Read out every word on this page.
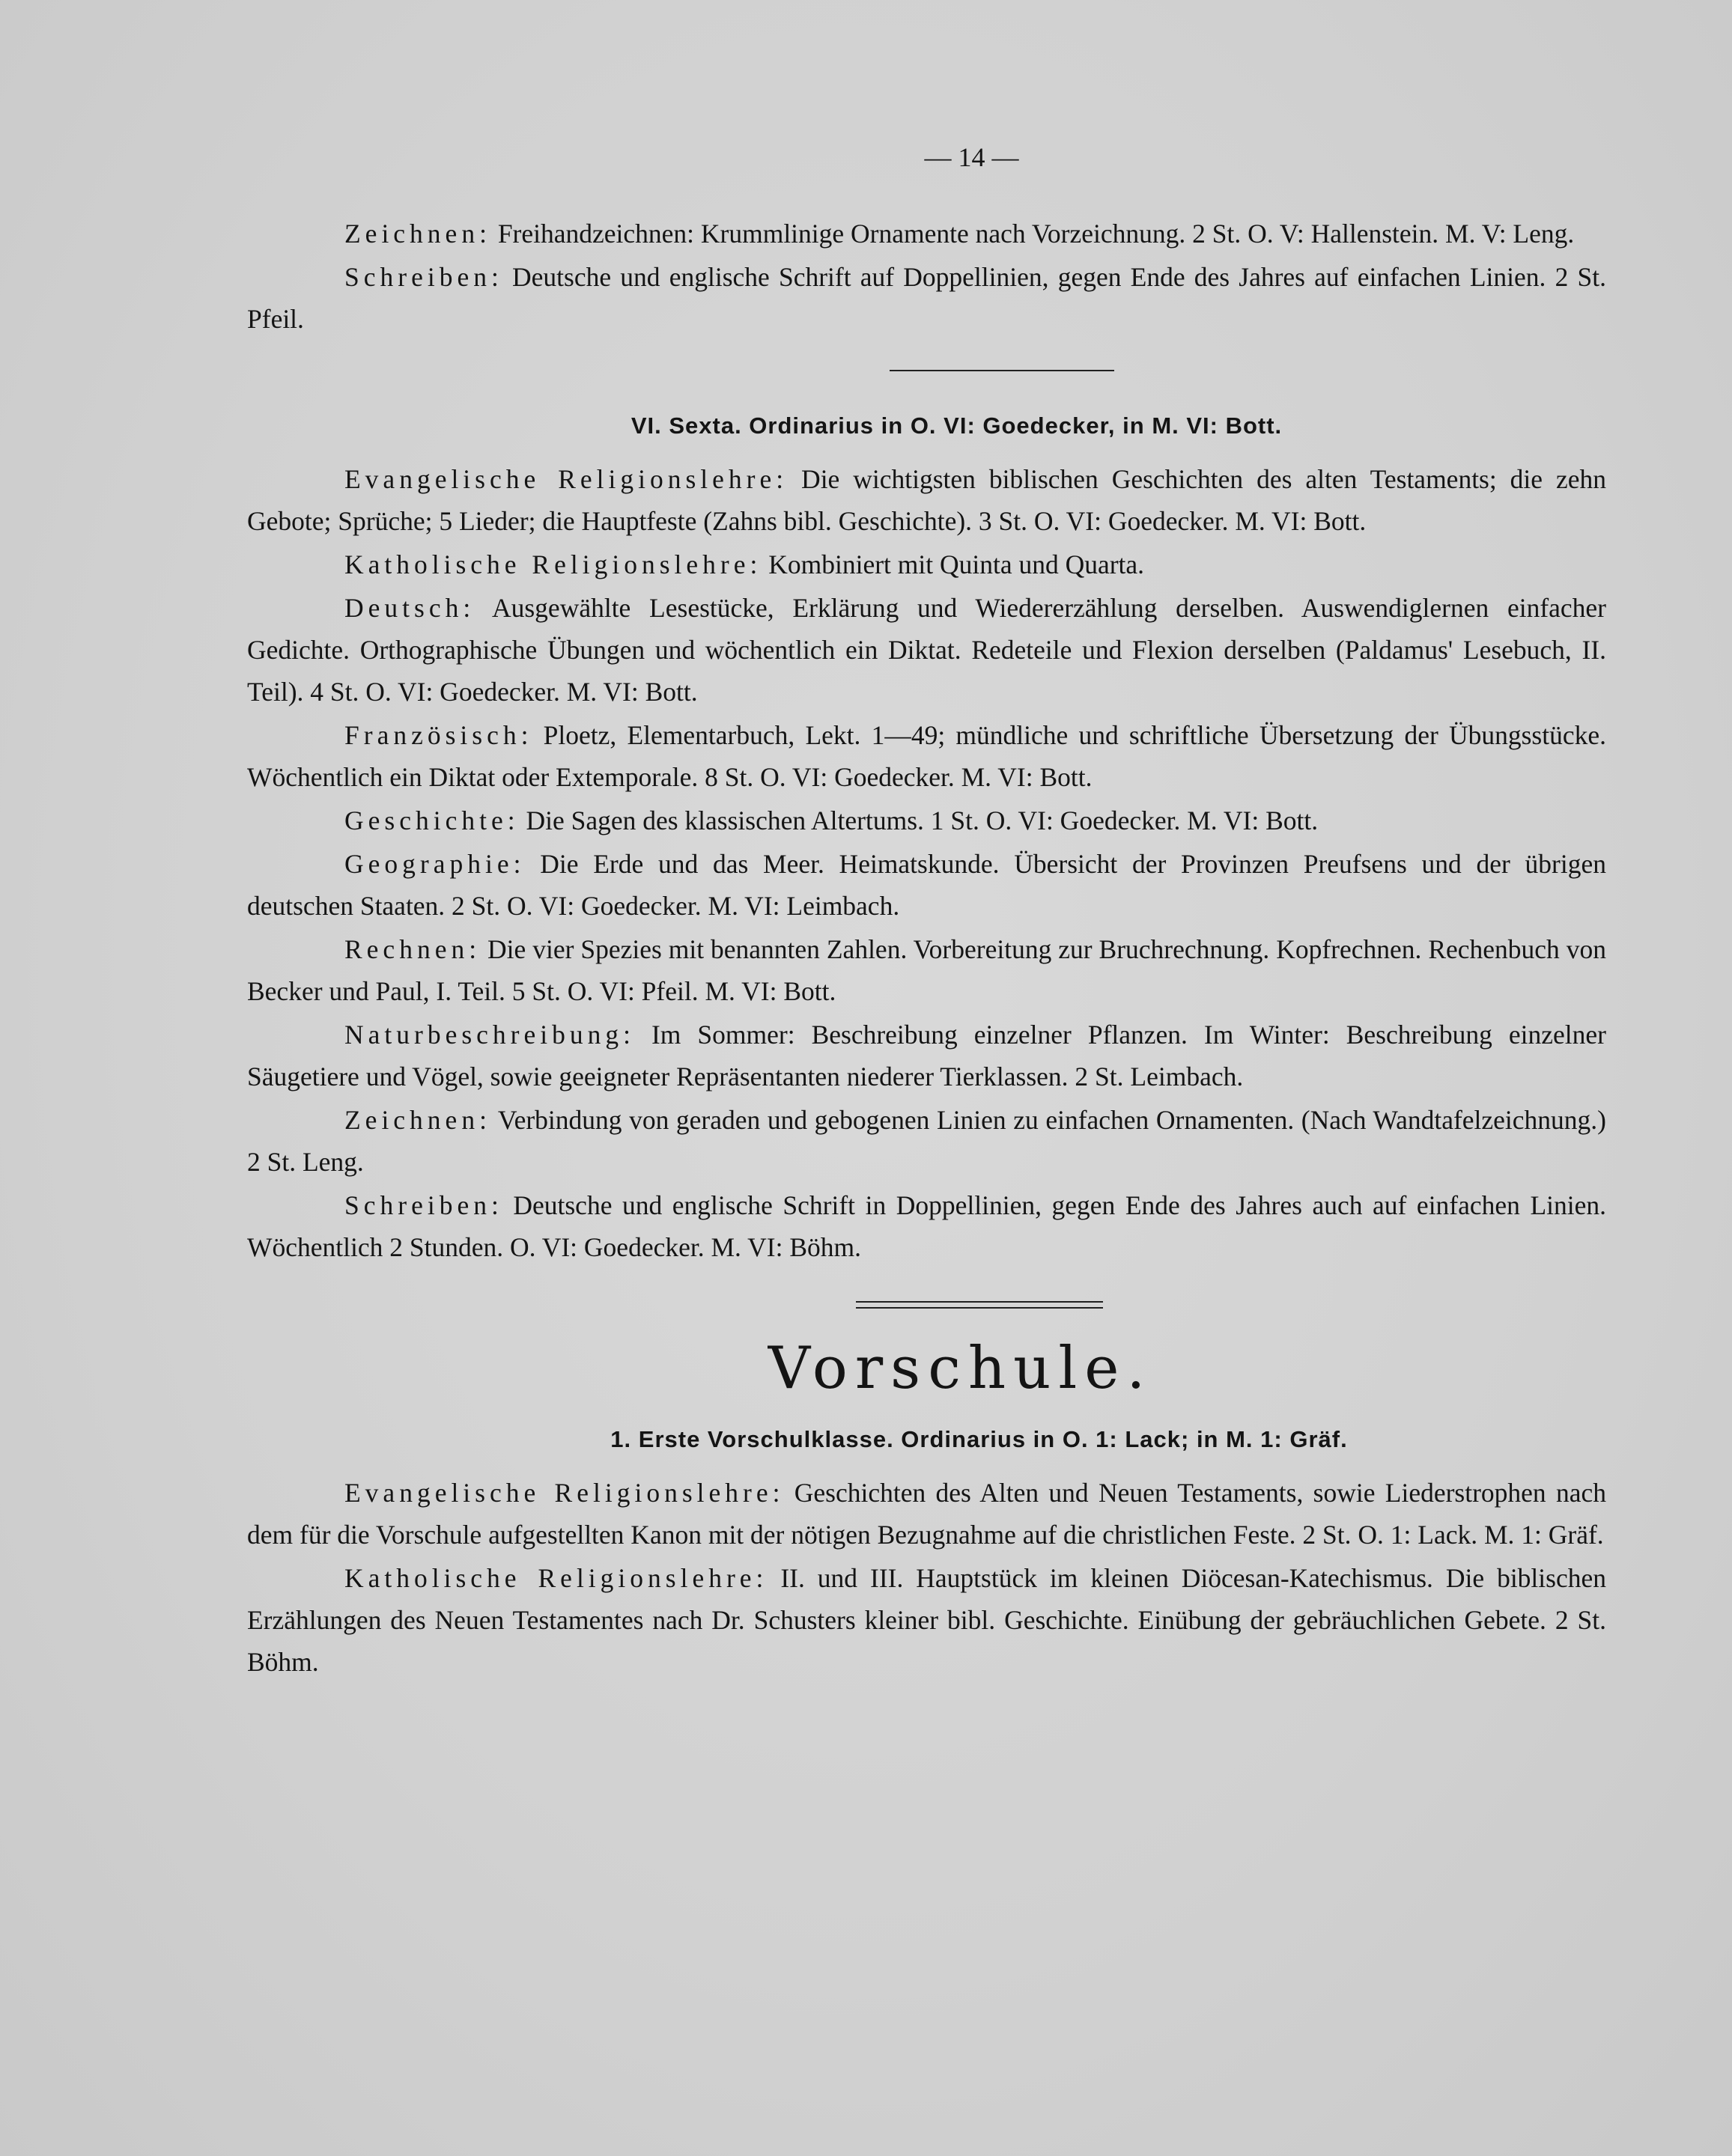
— 14 —

Zeichnen: Freihandzeichnen: Krummlinige Ornamente nach Vorzeichnung. 2 St. O. V: Hallenstein. M. V: Leng.

Schreiben: Deutsche und englische Schrift auf Doppellinien, gegen Ende des Jahres auf einfachen Linien. 2 St. Pfeil.

VI. Sexta. Ordinarius in O. VI: Goedecker, in M. VI: Bott.

Evangelische Religionslehre: Die wichtigsten biblischen Geschichten des alten Testaments; die zehn Gebote; Sprüche; 5 Lieder; die Hauptfeste (Zahns bibl. Geschichte). 3 St. O. VI: Goedecker. M. VI: Bott.

Katholische Religionslehre: Kombiniert mit Quinta und Quarta.

Deutsch: Ausgewählte Lesestücke, Erklärung und Wiedererzählung derselben. Auswendiglernen einfacher Gedichte. Orthographische Übungen und wöchentlich ein Diktat. Redeteile und Flexion derselben (Paldamus' Lesebuch, II. Teil). 4 St. O. VI: Goedecker. M. VI: Bott.

Französisch: Ploetz, Elementarbuch, Lekt. 1—49; mündliche und schriftliche Übersetzung der Übungsstücke. Wöchentlich ein Diktat oder Extemporale. 8 St. O. VI: Goedecker. M. VI: Bott.

Geschichte: Die Sagen des klassischen Altertums. 1 St. O. VI: Goedecker. M. VI: Bott.

Geographie: Die Erde und das Meer. Heimatskunde. Übersicht der Provinzen Preufsens und der übrigen deutschen Staaten. 2 St. O. VI: Goedecker. M. VI: Leimbach.

Rechnen: Die vier Spezies mit benannten Zahlen. Vorbereitung zur Bruchrechnung. Kopfrechnen. Rechenbuch von Becker und Paul, I. Teil. 5 St. O. VI: Pfeil. M. VI: Bott.

Naturbeschreibung: Im Sommer: Beschreibung einzelner Pflanzen. Im Winter: Beschreibung einzelner Säugetiere und Vögel, sowie geeigneter Repräsentanten niederer Tierklassen. 2 St. Leimbach.

Zeichnen: Verbindung von geraden und gebogenen Linien zu einfachen Ornamenten. (Nach Wandtafelzeichnung.) 2 St. Leng.

Schreiben: Deutsche und englische Schrift in Doppellinien, gegen Ende des Jahres auch auf einfachen Linien. Wöchentlich 2 Stunden. O. VI: Goedecker. M. VI: Böhm.

Vorschule.
1. Erste Vorschulklasse. Ordinarius in O. 1: Lack; in M. 1: Gräf.

Evangelische Religionslehre: Geschichten des Alten und Neuen Testaments, sowie Liederstrophen nach dem für die Vorschule aufgestellten Kanon mit der nötigen Bezugnahme auf die christlichen Feste. 2 St. O. 1: Lack. M. 1: Gräf.

Katholische Religionslehre: II. und III. Hauptstück im kleinen Diöcesan-Katechismus. Die biblischen Erzählungen des Neuen Testamentes nach Dr. Schusters kleiner bibl. Geschichte. Einübung der gebräuchlichen Gebete. 2 St. Böhm.
